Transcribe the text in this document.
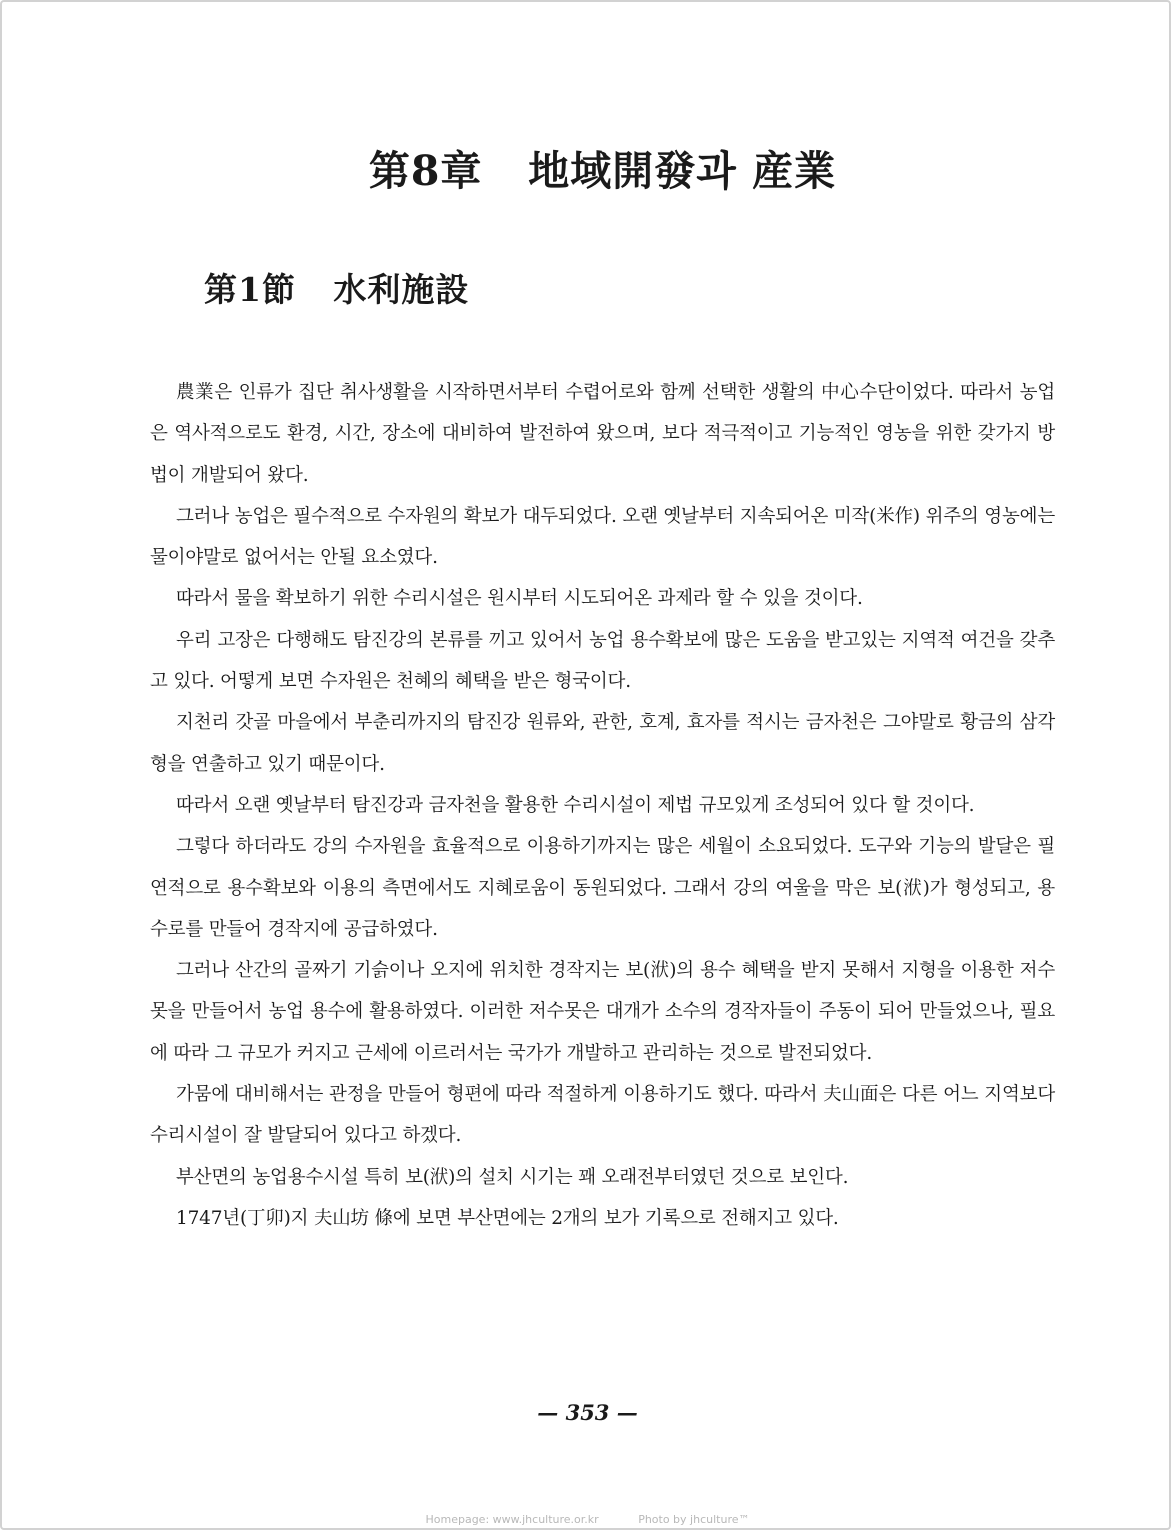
第8章   地域開發과 産業
第1節   水利施設

農業은 인류가 집단 취사생활을 시작하면서부터 수렵어로와 함께 선택한 생활의 中心수단이었다. 따라서 농업은 역사적으로도 환경, 시간, 장소에 대비하여 발전하여 왔으며, 보다 적극적이고 기능적인 영농을 위한 갖가지 방법이 개발되어 왔다.

그러나 농업은 필수적으로 수자원의 확보가 대두되었다. 오랜 옛날부터 지속되어온 미작(米作) 위주의 영농에는 물이야말로 없어서는 안될 요소였다.

따라서 물을 확보하기 위한 수리시설은 원시부터 시도되어온 과제라 할 수 있을 것이다.

우리 고장은 다행해도 탐진강의 본류를 끼고 있어서 농업 용수확보에 많은 도움을 받고있는 지역적 여건을 갖추고 있다. 어떻게 보면 수자원은 천혜의 혜택을 받은 형국이다.

지천리 갓골 마을에서 부춘리까지의 탐진강 원류와, 관한, 호계, 효자를 적시는 금자천은 그야말로 황금의 삼각형을 연출하고 있기 때문이다.

따라서 오랜 옛날부터 탐진강과 금자천을 활용한 수리시설이 제법 규모있게 조성되어 있다 할 것이다.

그렇다 하더라도 강의 수자원을 효율적으로 이용하기까지는 많은 세월이 소요되었다. 도구와 기능의 발달은 필연적으로 용수확보와 이용의 측면에서도 지혜로움이 동원되었다. 그래서 강의 여울을 막은 보(洑)가 형성되고, 용수로를 만들어 경작지에 공급하였다.

그러나 산간의 골짜기 기슭이나 오지에 위치한 경작지는 보(洑)의 용수 혜택을 받지 못해서 지형을 이용한 저수못을 만들어서 농업 용수에 활용하였다. 이러한 저수못은 대개가 소수의 경작자들이 주동이 되어 만들었으나, 필요에 따라 그 규모가 커지고 근세에 이르러서는 국가가 개발하고 관리하는 것으로 발전되었다.

가뭄에 대비해서는 관정을 만들어 형편에 따라 적절하게 이용하기도 했다. 따라서 夫山面은 다른 어느 지역보다 수리시설이 잘 발달되어 있다고 하겠다.

부산면의 농업용수시설 특히 보(洑)의 설치 시기는 꽤 오래전부터였던 것으로 보인다.

1747년(丁卯)지 夫山坊 條에 보면 부산면에는 2개의 보가 기록으로 전해지고 있다.

— 353 —
Homepage: www.jhculture.or.kr	Photo by jhculture™
